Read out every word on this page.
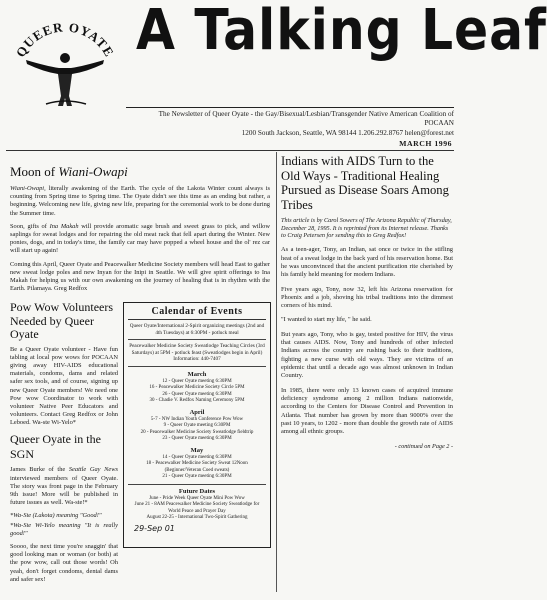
QUEER OYATE A Talking Leaf
The Newsletter of Queer Oyate - the Gay/Bisexual/Lesbian/Transgender Native American Coalition of POCAAN
1200 South Jackson, Seattle, WA 98144 1.206.292.8767 helen@forest.net
MARCH 1996
Moon of Wiani-Owapi

Wiani-Owapi, literally awakening of the Earth. The cycle of the Lakota Winter count always is counting from Spring time to Spring time. The Oyate didn't see this time as an ending but rather, a beginning. Welcoming new life, giving new life, preparing for the ceremonial work to be done during the Summer time.

Soon, gifts of Ina Makah will provide aromatic sage brush and sweet grass to pick, and willow saplings for sweat lodges and for repairing the old meat rack that fell apart during the Winter. New ponies, dogs, and in today's time, the family car may have popped a wheel house and the ol' rez car will start up again!

Coming this April, Queer Oyate and Peacewalker Medicine Society members will head East to gather new sweat lodge poles and new Inyan for the Inipi in Seattle. We will give spirit offerings to Ina Makah for helping us with our own awakening on the journey of healing that is in rhythm with the Earth. Pilamaya. Greg Redfox

Pow Wow Volunteers Needed by Queer Oyate

Be a Queer Oyate volunteer - Have fun tabling at local pow wows for POCAAN giving away HIV-AIDS educational materials, condoms, dams and related safer sex tools, and of course, signing up new Queer Oyate members! We need one Pow wow Coordinator to work with volunteer Native Peer Educators and volunteers. Contact Greg Redfox or John Leboed. Wa-ste Wi-Yelo*

Queer Oyate in the SGN

James Burke of the Seattle Gay News interviewed members of Queer Oyate. The story was front page in the February 9th issue! More will be published in future issues as well. Wa-ste!*

*Wa-Ste (Lakota) meaning "Good!"

*Wa-Ste Wi-Yelo meaning "It is really good!"

Soooo, the next time you're snaggin' that good looking man or woman (or both) at the pow wow, call out those words! Oh yeah, don't forget condoms, dental dams and safer sex!

Calendar of Events
Queer Oyate/International 2-Spirit organizing meetings (2nd and 4th Tuesdays) at 6:30PM - potluck meal
Peacewalker Medicine Society Sweatlodge Teaching Circles (3rd Saturdays) at 5PM - potluck feast (Sweatlodges begin in April) Information: 440-7407
March
12 - Queer Oyate meeting 6:30PM
16 - Peacewalker Medicine Society Circle 5PM
26 - Queer Oyate meeting 6:30PM
30 - Chadie V. Redfox Naming Ceremony 5PM
April
5-7 - NW Indian Youth Conference Pow Wow
9 - Queer Oyate meeting 6:30PM
20 - Peacewalker Medicine Society Sweatlodge fieldtrip
23 - Queer Oyate meeting 6:30PM
May
14 - Queer Oyate meeting 6:30PM
18 - Peacewalker Medicine Society Sweat 12Noon (Beginner/Veteran Coed sweats)
21 - Queer Oyate meeting 6:30PM
Future Dates
June - Pride Week Queer Oyate Mini Pow Wow
June 21 - 8AM Peacewalker Medicine Society Sweatlodge for World Peace and Prayer Day
August 22-25 - International Two-Spirit Gathering
29-Sep 01
Indians with AIDS Turn to the Old Ways - Traditional Healing Pursued as Disease Soars Among Tribes

This article is by Carol Sowers of The Arizona Republic of Thursday, December 28, 1995. It is reprinted from its Internet release. Thanks to Craig Petersen for sending this to Greg Redfox!

As a teen-ager, Tony, an Indian, sat once or twice in the stifling heat of a sweat lodge in the back yard of his reservation home. But he was unconvinced that the ancient purification rite cherished by his family held meaning for modern Indians.

Five years ago, Tony, now 32, left his Arizona reservation for Phoenix and a job, shoving his tribal traditions into the dimmest corners of his mind.

"I wanted to start my life, " he said.

But years ago, Tony, who is gay, tested positive for HIV, the virus that causes AIDS. Now, Tony and hundreds of other infected Indians across the country are rushing back to their traditions, fighting a new curse with old ways. They are victims of an epidemic that until a decade ago was almost unknown in Indian Country.

In 1985, there were only 13 known cases of acquired immune deficiency syndrome among 2 million Indians nationwide, according to the Centers for Disease Control and Prevention in Atlanta. That number has grown by more than 9000% over the past 10 years, to 1202 - more than double the growth rate of AIDS among all ethnic groups.

- continued on Page 2 -
